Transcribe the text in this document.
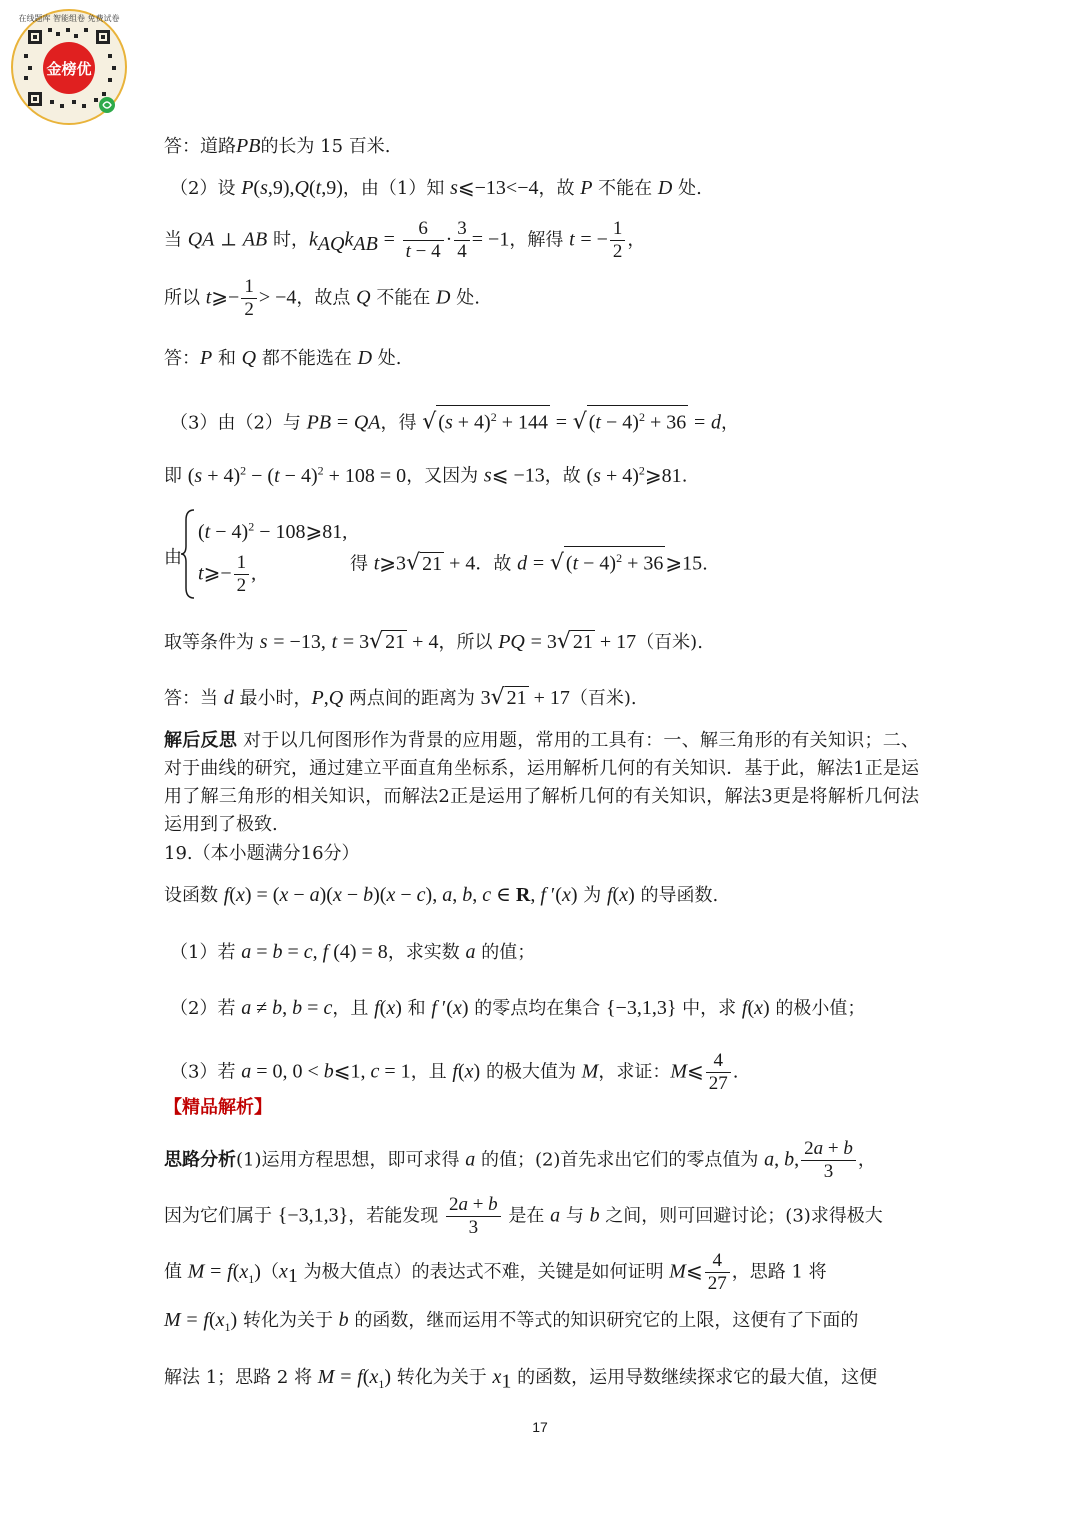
金榜优
在线题库 智能组卷 免费试卷
答：道路PB的长为 15 百米.
（2）设 P(s,9),Q(t,9)，由（1）知 s⩽−13<−4，故 P 不能在 D 处.
当 QA ⊥ AB 时，$k_{AQ}k_{AB} = \frac{6}{t - 4} \cdot \frac{3}{4} = -1$，解得 t = − $\frac{1}{2}$ ，
所以 t⩾− $\frac{1}{2} > -4$，故点 Q 不能在 D 处.
答：P 和 Q 都不能选在 D 处.
（3）由（2）与 PB = QA，得 √ $(s + 4)^2 + 144$ = √ $(t - 4)^2 + 36 = d$，
即 $(s + 4)^2 - (t - 4)^2 + 108 = 0$，又因为 s⩽ −13，故 $(s + 4)^2⩾81$.
由
$(t - 4)^2$ − 108⩾81,
t⩾− $\frac{1}{2}$ ,	得 t⩾3√ 21 + 4．故 d = √ $(t - 4)^2 + 36$ ⩾15.
取等条件为 s = −13, t = 3√ 21 + 4，所以 PQ = 3√ 21 + 17（百米).
答：当 d 最小时，P,Q 两点间的距离为 3√ 21 + 17（百米).
解后反思 对于以几何图形作为背景的应用题，常用的工具有：一、解三角形的有关知识；二、对于曲线的研究，通过建立平面直角坐标系，运用解析几何的有关知识．基于此，解法1正是运用了解三角形的相关知识，而解法2正是运用了解析几何的有关知识，解法3更是将解析几何法运用到了极致.
19.（本小题满分16分）
设函数 f(x) = (x − a)(x − b)(x − c), a, b, c ∈ R, f ′(x) 为 f(x) 的导函数.
（1）若 a = b = c, f (4) = 8，求实数 a 的值；
（2）若 a ≠ b, b = c，且 f(x) 和 f ′(x) 的零点均在集合 {−3,1,3} 中，求 f(x) 的极小值；
（3）若 a = 0, 0 < b⩽1, c = 1，且 f(x) 的极大值为 M，求证：M⩽ $\frac{4}{27}$ .
【精品解析】
思路分析(1)运用方程思想，即可求得 a 的值；(2)首先求出它们的零点值为 a, b, $\frac{2a + b}{3}$ ，
因为它们属于 {−3,1,3}，若能发现 $\frac{2a + b}{3}$ 是在 a 与 b 之间，则可回避讨论；(3)求得极大
值 $M = f(x_1)(x_1$ 为极大值点）的表达式不难，关键是如何证明 M⩽ $\frac{4}{27}$ ，思路 1 将
$M = f(x_1)$ 转化为关于 b 的函数，继而运用不等式的知识研究它的上限，这便有了下面的
解法 1；思路 2 将 $M = f(x_1)$ 转化为关于 $x_1$ 的函数，运用导数继续探求它的最大值，这便
17
